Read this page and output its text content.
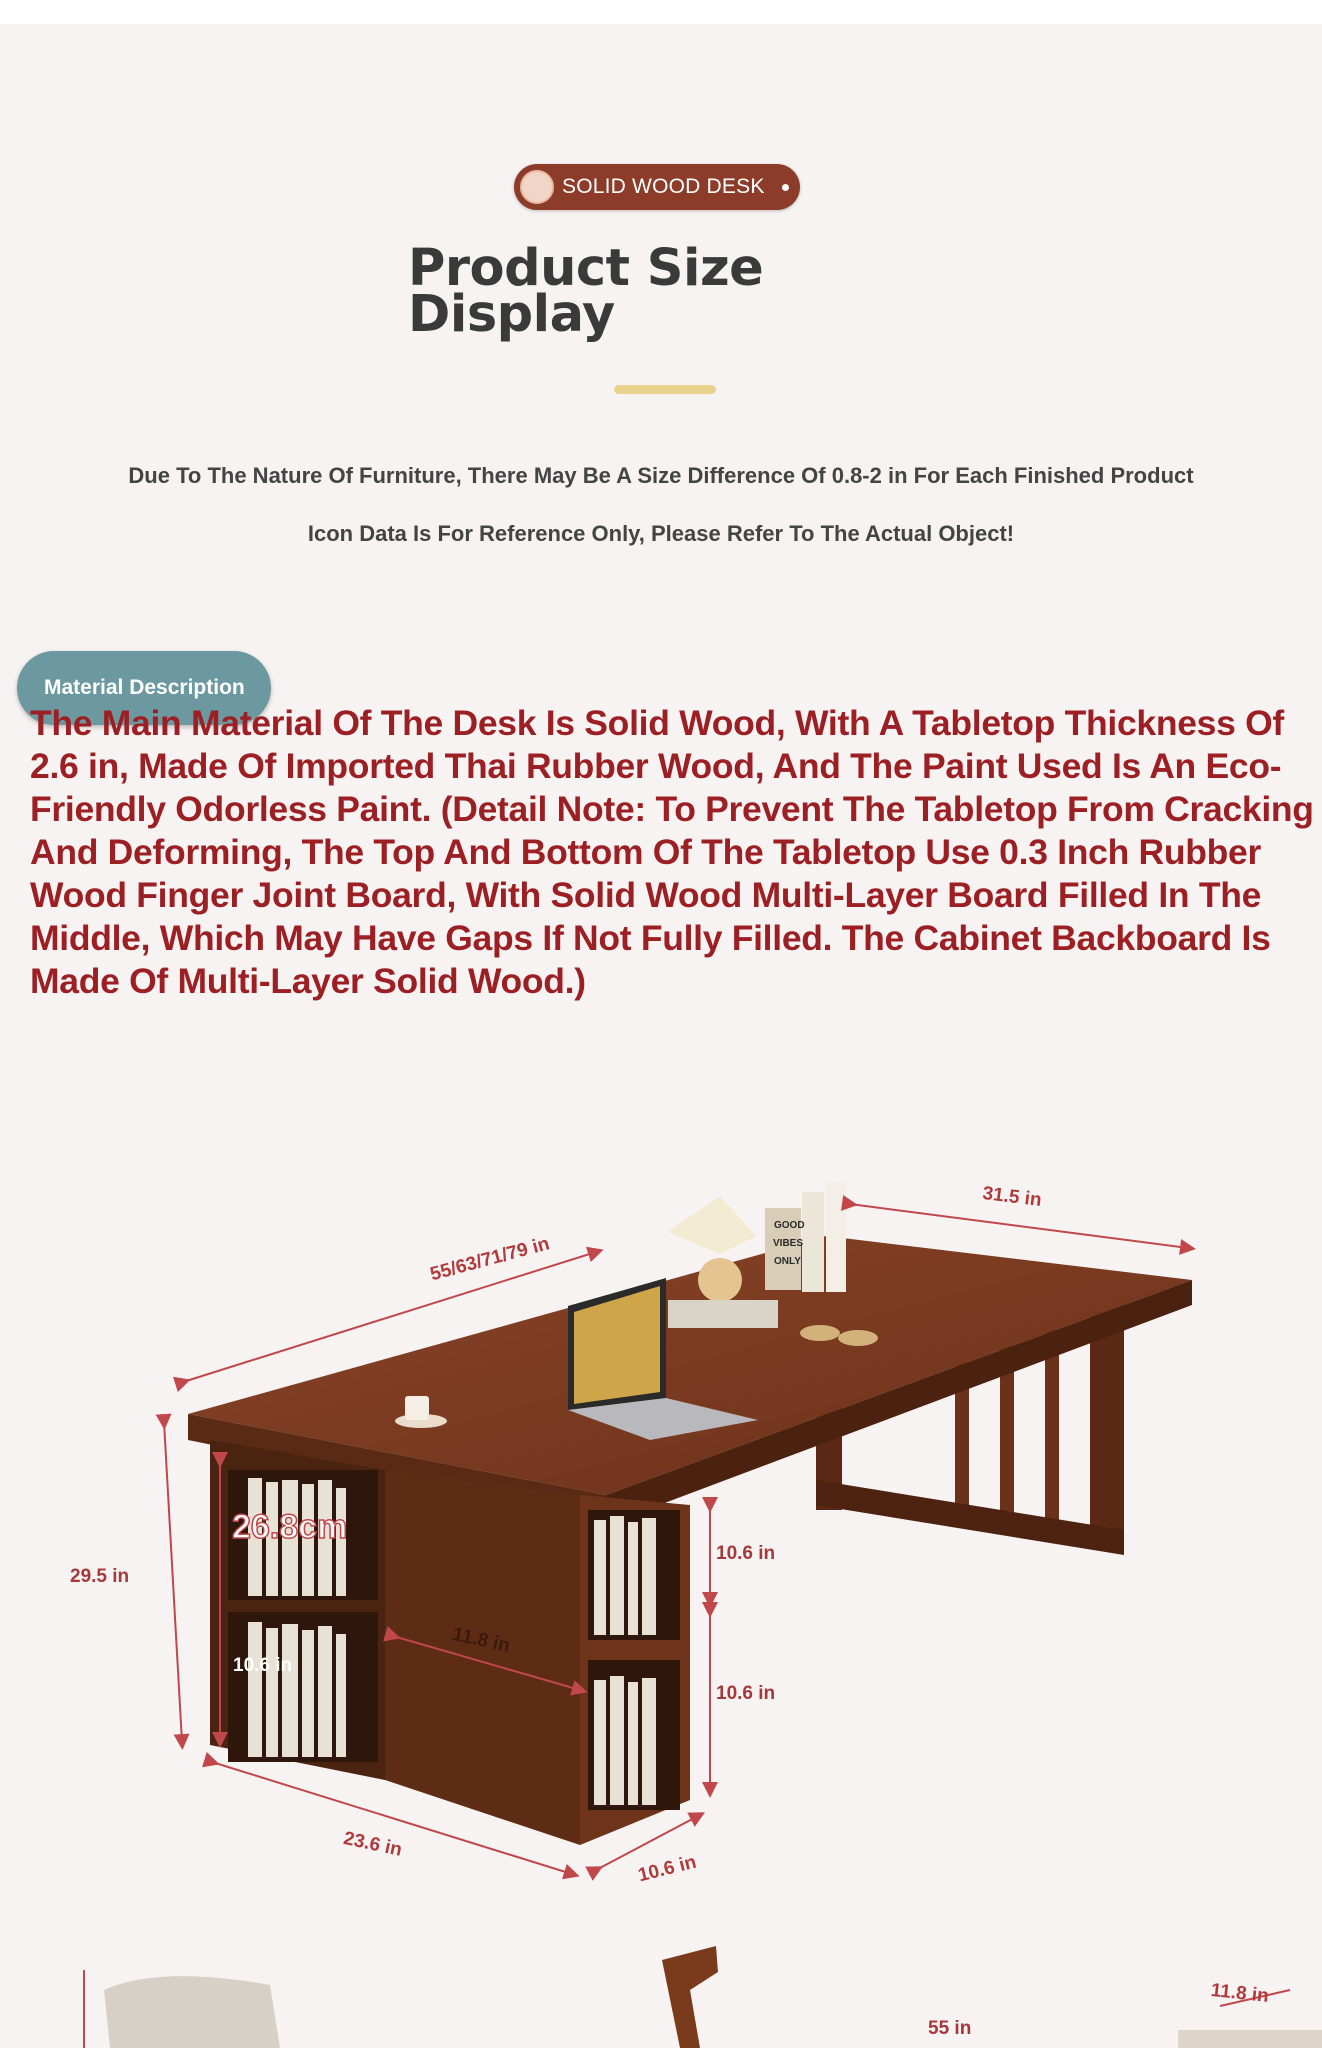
SOLID WOOD DESK
Product Size
Display
Due To The Nature Of Furniture, There May Be A Size Difference Of 0.8-2 in For Each Finished Product
Icon Data Is For Reference Only, Please Refer To The Actual Object!
Material Description
The Main Material Of The Desk Is Solid Wood, With A Tabletop Thickness Of 2.6 in, Made Of Imported Thai Rubber Wood, And The Paint Used Is An Eco-Friendly Odorless Paint. (Detail Note: To Prevent The Tabletop From Cracking And Deforming, The Top And Bottom Of The Tabletop Use 0.3 Inch Rubber Wood Finger Joint Board, With Solid Wood Multi-Layer Board Filled In The Middle, Which May Have Gaps If Not Fully Filled. The Cabinet Backboard Is Made Of Multi-Layer Solid Wood.)
55/63/71/79 in
31.5 in
29.5 in
10.6 in
10.6 in
10.6 in
23.6 in
10.6 in
11.8 in
26.8cm
55 in
11.8 in
GOOD
VIBES
ONLY
